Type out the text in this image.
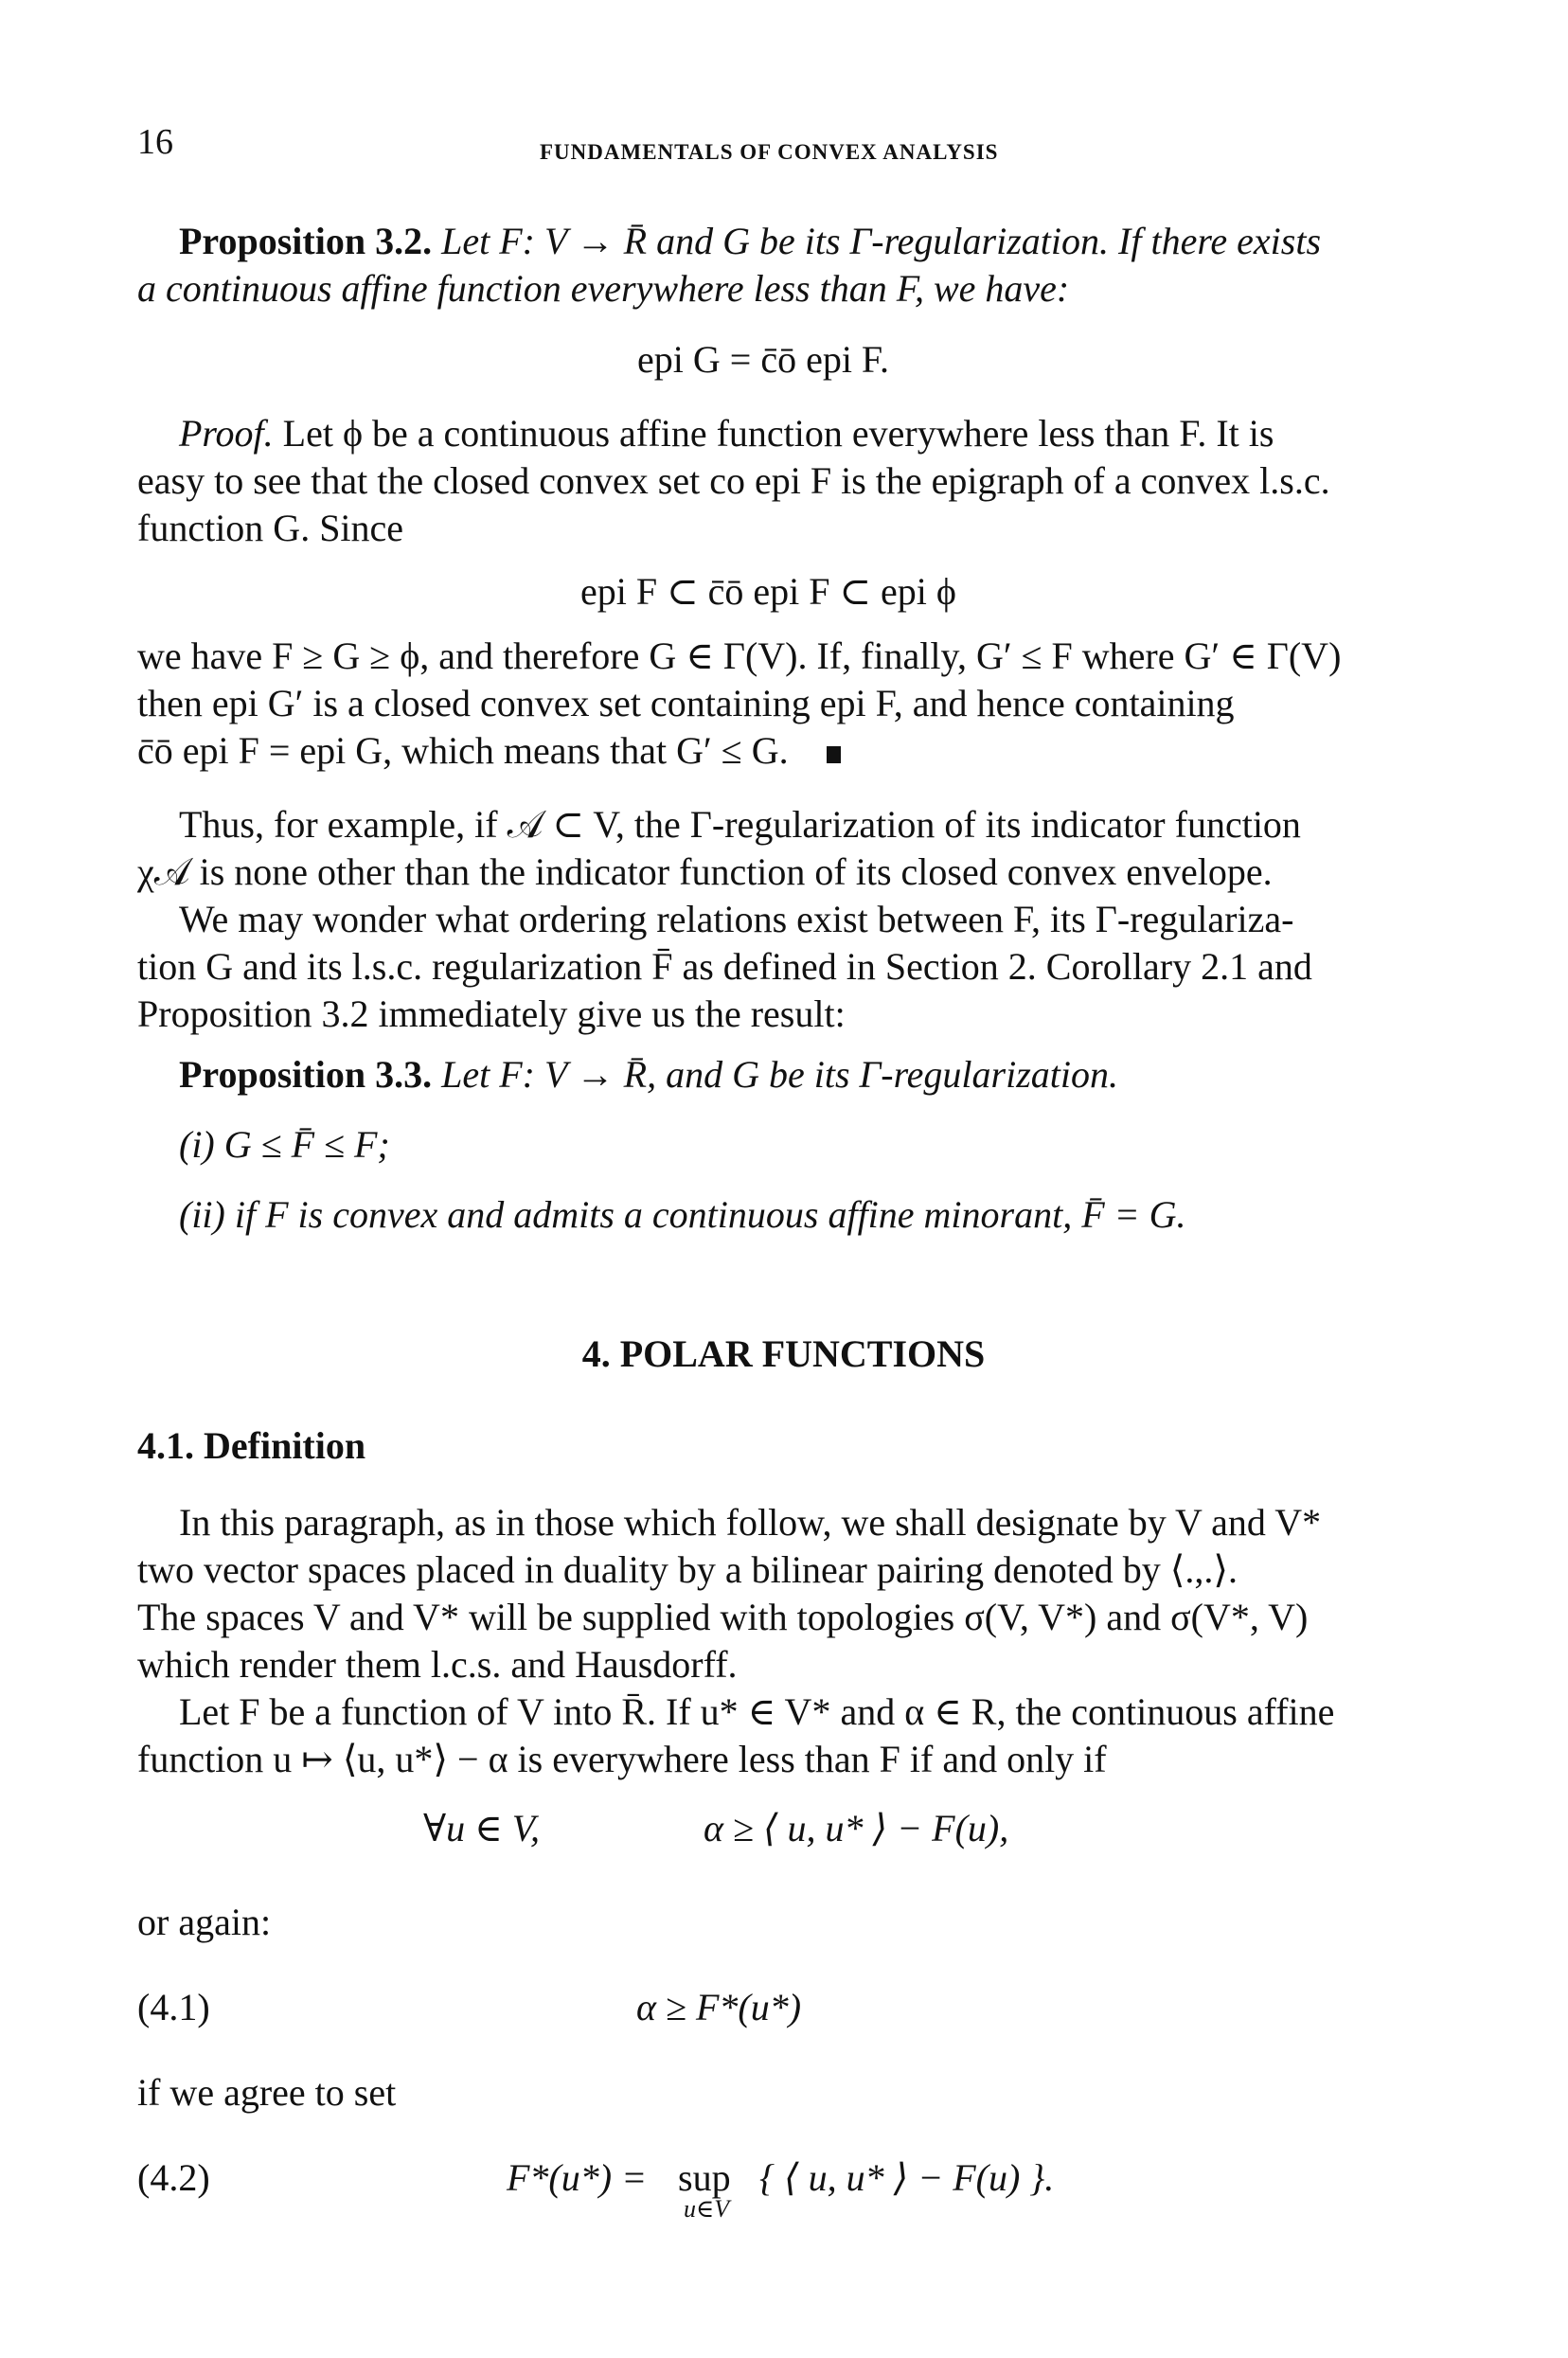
16	FUNDAMENTALS OF CONVEX ANALYSIS
Proposition 3.2. Let F: V → R̄ and G be its Γ-regularization. If there exists
a continuous affine function everywhere less than F, we have:
epi G = c̄ō epi F.
Proof. Let ϕ be a continuous affine function everywhere less than F. It is
easy to see that the closed convex set co epi F is the epigraph of a convex l.s.c.
function G. Since
epi F ⊂ c̄ō epi F ⊂ epi ϕ
we have F ≥ G ≥ ϕ, and therefore G ∈ Γ(V). If, finally, G′ ≤ F where G′ ∈ Γ(V)
then epi G′ is a closed convex set containing epi F, and hence containing
c̄ō epi F = epi G, which means that G′ ≤ G.
Thus, for example, if 𝒜 ⊂ V, the Γ-regularization of its indicator function
χ𝒜 is none other than the indicator function of its closed convex envelope.
We may wonder what ordering relations exist between F, its Γ-regulariza-
tion G and its l.s.c. regularization F̄ as defined in Section 2. Corollary 2.1 and
Proposition 3.2 immediately give us the result:
Proposition 3.3. Let F: V → R̄, and G be its Γ-regularization.
(i) G ≤ F̄ ≤ F;
(ii) if F is convex and admits a continuous affine minorant, F̄ = G.
4. POLAR FUNCTIONS
4.1. Definition
In this paragraph, as in those which follow, we shall designate by V and V*
two vector spaces placed in duality by a bilinear pairing denoted by ⟨.,.⟩.
The spaces V and V* will be supplied with topologies σ(V, V*) and σ(V*, V)
which render them l.c.s. and Hausdorff.
Let F be a function of V into R̄. If u* ∈ V* and α ∈ R, the continuous affine
function u ↦ ⟨u, u*⟩ − α is everywhere less than F if and only if
∀u ∈ V,	α ≥ ⟨ u, u* ⟩ − F(u),
or again:
(4.1)	α ≥ F*(u*)
if we agree to set
(4.2)	F*(u*) = sup
u∈V
{ ⟨ u, u* ⟩ − F(u) }.
